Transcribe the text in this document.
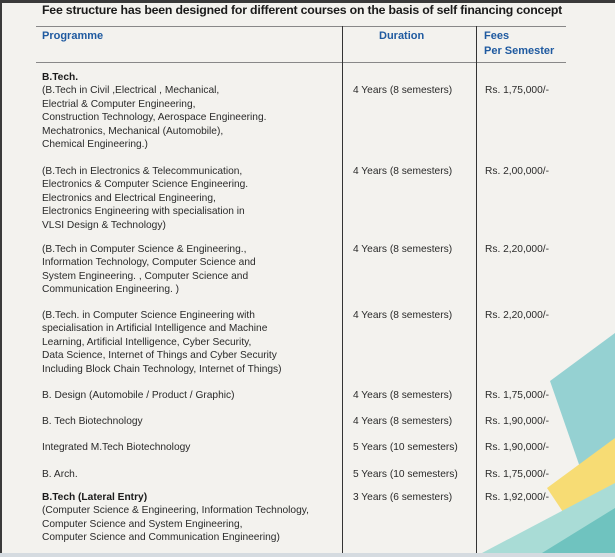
Fee structure has been designed for different courses on the basis of self financing concept
Programme	Duration	Fees
Per Semester
B.Tech.
(B.Tech in Civil ,Electrical , Mechanical,
Electrial & Computer Engineering,
Construction Technology, Aerospace Engineering.
Mechatronics, Mechanical (Automobile),
Chemical Engineering.)

4 Years (8 semesters)	Rs. 1,75,000/-
(B.Tech in Electronics & Telecommunication,
Electronics & Computer Science Engineering.
Electronics and Electrical Engineering,
Electronics Engineering with specialisation in
VLSI Design & Technology)

4 Years (8 semesters)	Rs. 2,00,000/-
(B.Tech in Computer Science & Engineering.,
Information Technology, Computer Science and
System Engineering. , Computer Science and
Communication Engineering. )

4 Years (8 semesters)	Rs. 2,20,000/-
(B.Tech. in Computer Science Engineering with
specialisation in Artificial Intelligence and Machine
Learning, Artificial Intelligence, Cyber Security,
Data Science, Internet of Things and Cyber Security
Including Block Chain Technology, Internet of Things)

4 Years (8 semesters)	Rs. 2,20,000/-
B. Design (Automobile / Product / Graphic)	4 Years (8 semesters)	Rs. 1,75,000/-
B. Tech Biotechnology	4 Years (8 semesters)	Rs. 1,90,000/-
Integrated M.Tech Biotechnology	5 Years (10 semesters)	Rs. 1,90,000/-
B. Arch.	5 Years (10 semesters)	Rs. 1,75,000/-
B.Tech (Lateral Entry)
(Computer Science & Engineering, Information Technology,
Computer Science and System Engineering,
Computer Science and Communication Engineering)

3 Years (6 semesters)	Rs. 1,92,000/-
